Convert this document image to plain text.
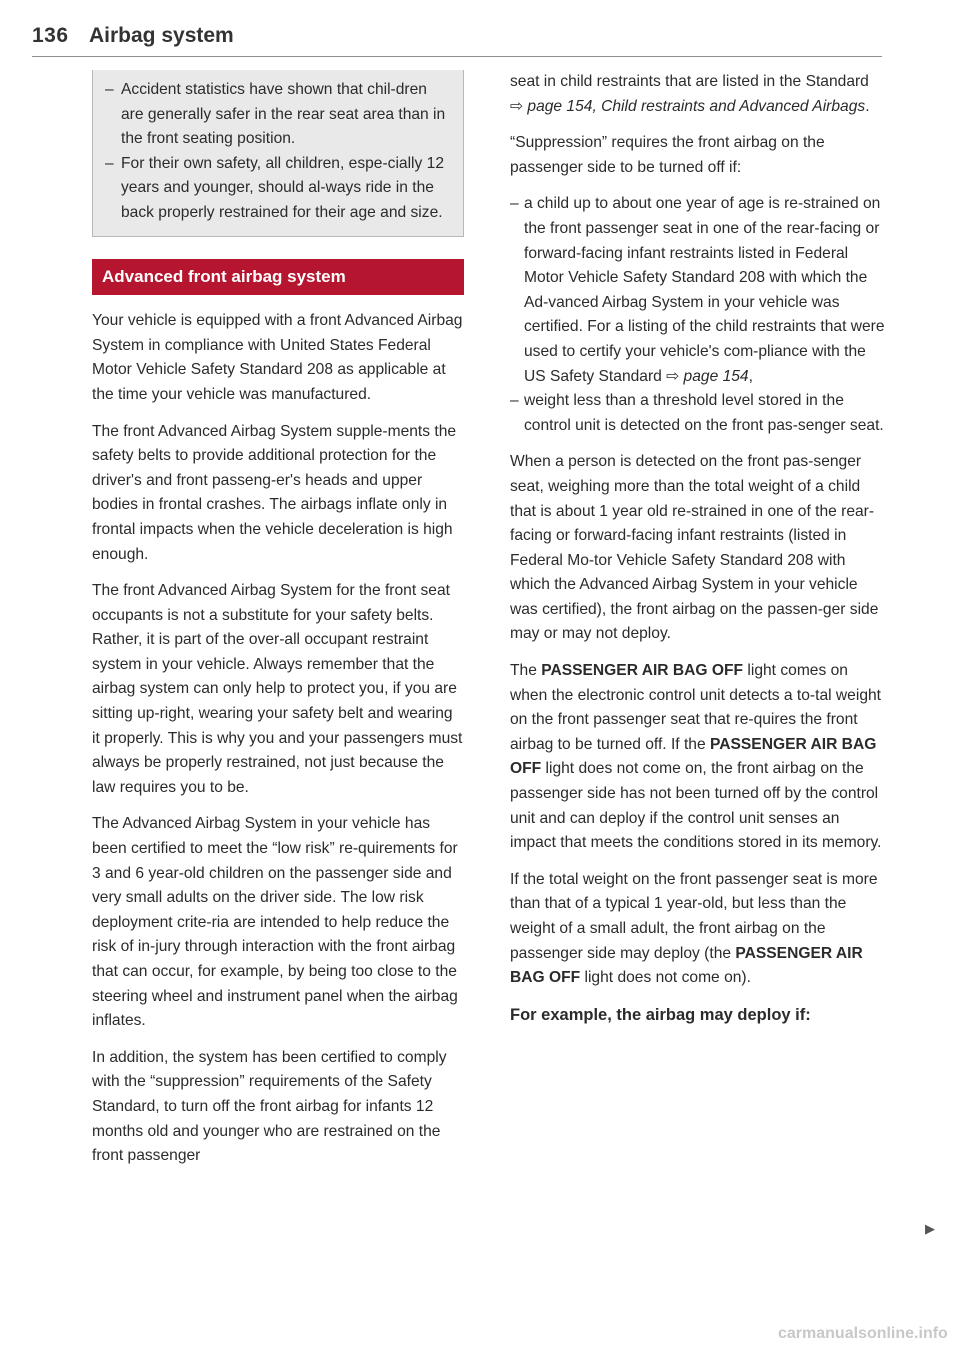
136 Airbag system
– Accident statistics have shown that chil-dren are generally safer in the rear seat area than in the front seating position.
– For their own safety, all children, espe-cially 12 years and younger, should al-ways ride in the back properly restrained for their age and size.
Advanced front airbag system

Your vehicle is equipped with a front Advanced Airbag System in compliance with United States Federal Motor Vehicle Safety Standard 208 as applicable at the time your vehicle was manufactured.

The front Advanced Airbag System supple-ments the safety belts to provide additional protection for the driver's and front passeng-er's heads and upper bodies in frontal crashes. The airbags inflate only in frontal impacts when the vehicle deceleration is high enough.

The front Advanced Airbag System for the front seat occupants is not a substitute for your safety belts. Rather, it is part of the over-all occupant restraint system in your vehicle. Always remember that the airbag system can only help to protect you, if you are sitting up-right, wearing your safety belt and wearing it properly. This is why you and your passengers must always be properly restrained, not just because the law requires you to be.

The Advanced Airbag System in your vehicle has been certified to meet the “low risk” re-quirements for 3 and 6 year-old children on the passenger side and very small adults on the driver side. The low risk deployment crite-ria are intended to help reduce the risk of in-jury through interaction with the front airbag that can occur, for example, by being too close to the steering wheel and instrument panel when the airbag inflates.

In addition, the system has been certified to comply with the “suppression” requirements of the Safety Standard, to turn off the front airbag for infants 12 months old and younger who are restrained on the front passenger

seat in child restraints that are listed in the Standard ⇨ page 154, Child restraints and Advanced Airbags.

“Suppression” requires the front airbag on the passenger side to be turned off if:

– a child up to about one year of age is re-strained on the front passenger seat in one of the rear-facing or forward-facing infant restraints listed in Federal Motor Vehicle Safety Standard 208 with which the Ad-vanced Airbag System in your vehicle was certified. For a listing of the child restraints that were used to certify your vehicle's com-pliance with the US Safety Standard ⇨ page 154,
– weight less than a threshold level stored in the control unit is detected on the front pas-senger seat.

When a person is detected on the front pas-senger seat, weighing more than the total weight of a child that is about 1 year old re-strained in one of the rear-facing or forward-facing infant restraints (listed in Federal Mo-tor Vehicle Safety Standard 208 with which the Advanced Airbag System in your vehicle was certified), the front airbag on the passen-ger side may or may not deploy.

The PASSENGER AIR BAG OFF light comes on when the electronic control unit detects a to-tal weight on the front passenger seat that re-quires the front airbag to be turned off. If the PASSENGER AIR BAG OFF light does not come on, the front airbag on the passenger side has not been turned off by the control unit and can deploy if the control unit senses an impact that meets the conditions stored in its memory.

If the total weight on the front passenger seat is more than that of a typical 1 year-old, but less than the weight of a small adult, the front airbag on the passenger side may deploy (the PASSENGER AIR BAG OFF light does not come on).

For example, the airbag may deploy if:
▶
carmanualsonline.info
